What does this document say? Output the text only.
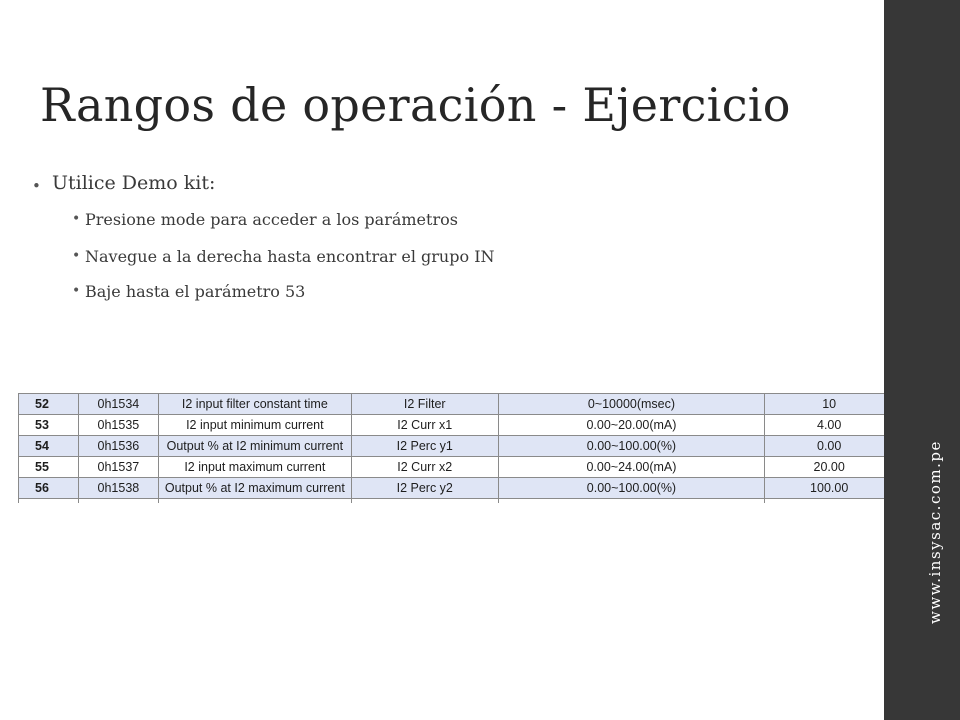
Rangos de operación - Ejercicio
• Utilice Demo kit:
• Presione mode para acceder a los parámetros
• Navegue a la derecha hasta encontrar el grupo IN
• Baje hasta el parámetro 53
52	0h1534	I2 input filter constant time	I2 Filter	0~10000(msec)	10	
53	0h1535	I2 input minimum current	I2 Curr x1	0.00~20.00(mA)	4.00	
54	0h1536	Output % at I2 minimum current	I2 Perc y1	0.00~100.00(%)	0.00	
55	0h1537	I2 input maximum current	I2 Curr x2	0.00~24.00(mA)	20.00	
56	0h1538	Output % at I2 maximum current	I2 Perc y2	0.00~100.00(%)	100.00	
							www.insysac.com.pe
